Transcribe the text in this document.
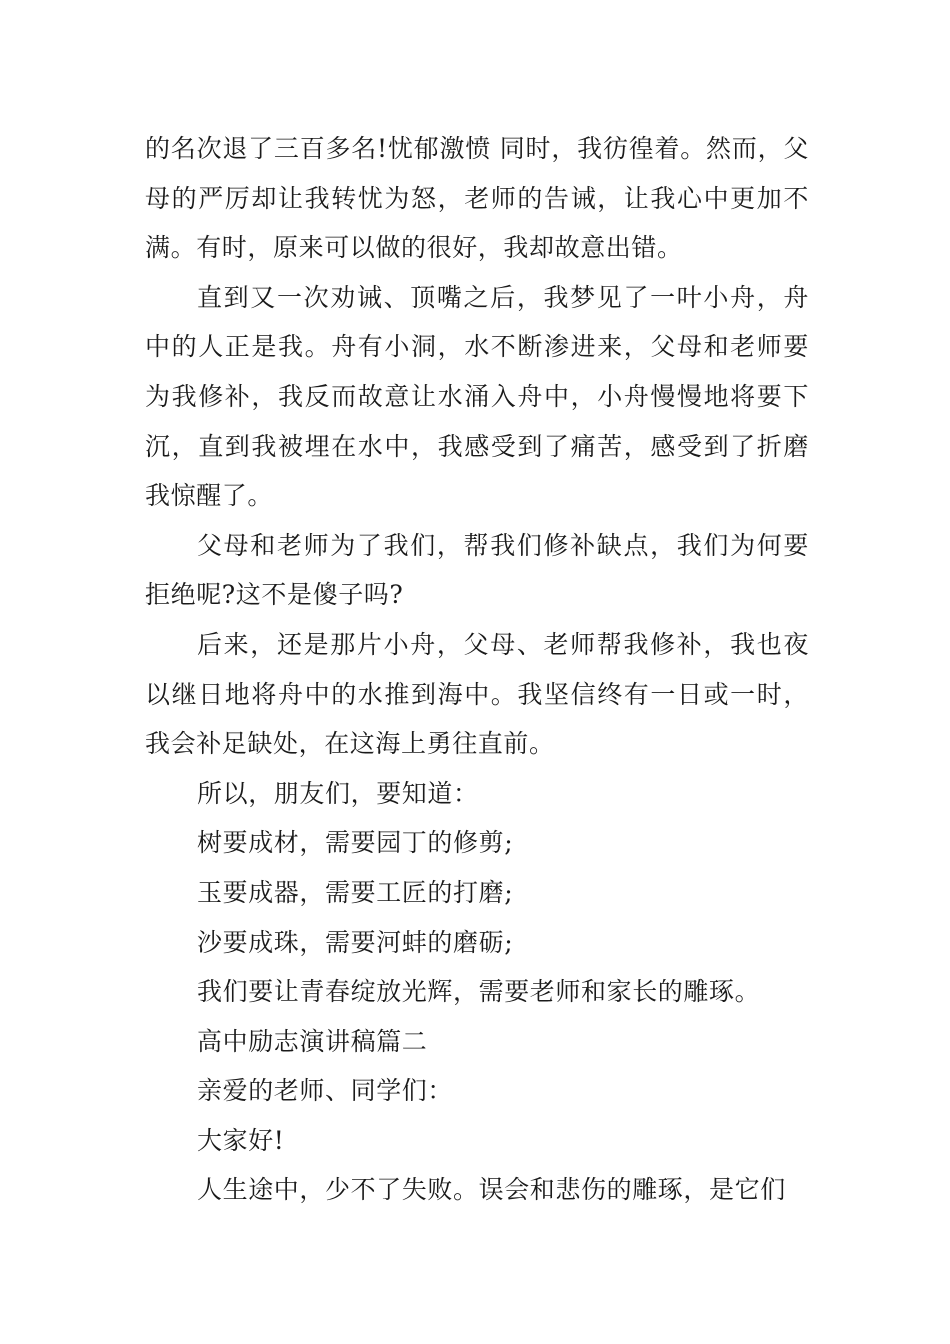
的名次退了三百多名!忧郁激愤 同时，我彷徨着。然而，父母的严厉却让我转忧为怒，老师的告诫，让我心中更加不满。有时，原来可以做的很好，我却故意出错。

直到又一次劝诫、顶嘴之后，我梦见了一叶小舟，舟中的人正是我。舟有小洞，水不断渗进来，父母和老师要为我修补，我反而故意让水涌入舟中，小舟慢慢地将要下沉，直到我被埋在水中，我感受到了痛苦，感受到了折磨我惊醒了。

父母和老师为了我们，帮我们修补缺点，我们为何要拒绝呢?这不是傻子吗?

后来，还是那片小舟，父母、老师帮我修补，我也夜以继日地将舟中的水推到海中。我坚信终有一日或一时，我会补足缺处，在这海上勇往直前。

所以，朋友们，要知道：

树要成材，需要园丁的修剪;

玉要成器，需要工匠的打磨;

沙要成珠，需要河蚌的磨砺;

我们要让青春绽放光辉，需要老师和家长的雕琢。

高中励志演讲稿篇二

亲爱的老师、同学们：

大家好!

人生途中，少不了失败。误会和悲伤的雕琢，是它们
